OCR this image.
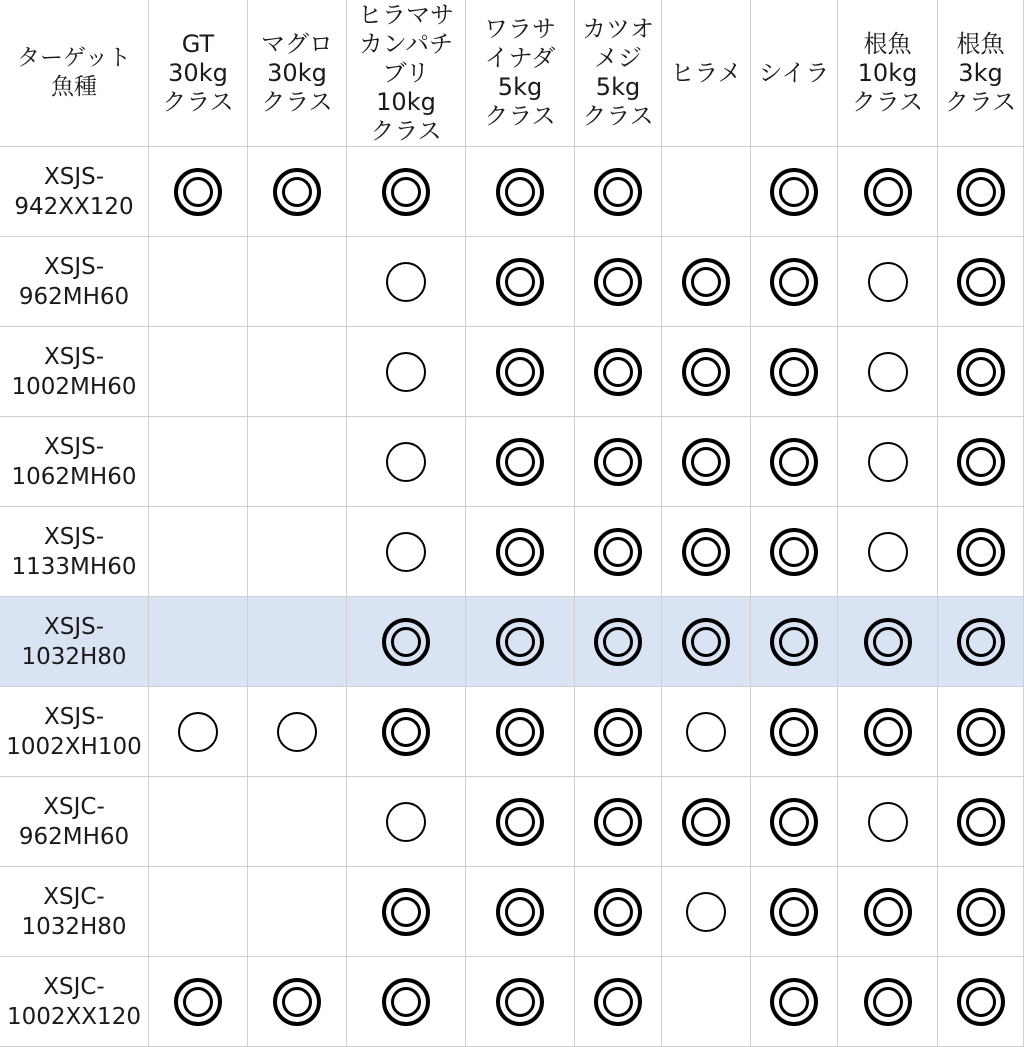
ターゲット
魚種
GT
30kg
クラス
マグロ
30kg
クラス
ヒラマサ
カンパチ
ブリ
10kg
クラス
ワラサ
イナダ
5kg
クラス
カツオ
メジ
5kg
クラス
ヒラメ シイラ
根魚
10kg
クラス
根魚
3kg
クラス
XSJS-
942XX120
XSJS-
962MH60
XSJS-
1002MH60
XSJS-
1062MH60
XSJS-
1133MH60
XSJS-
1032H80
XSJS-
1002XH100
XSJC-
962MH60
XSJC-
1032H80
XSJC-
1002XX120
